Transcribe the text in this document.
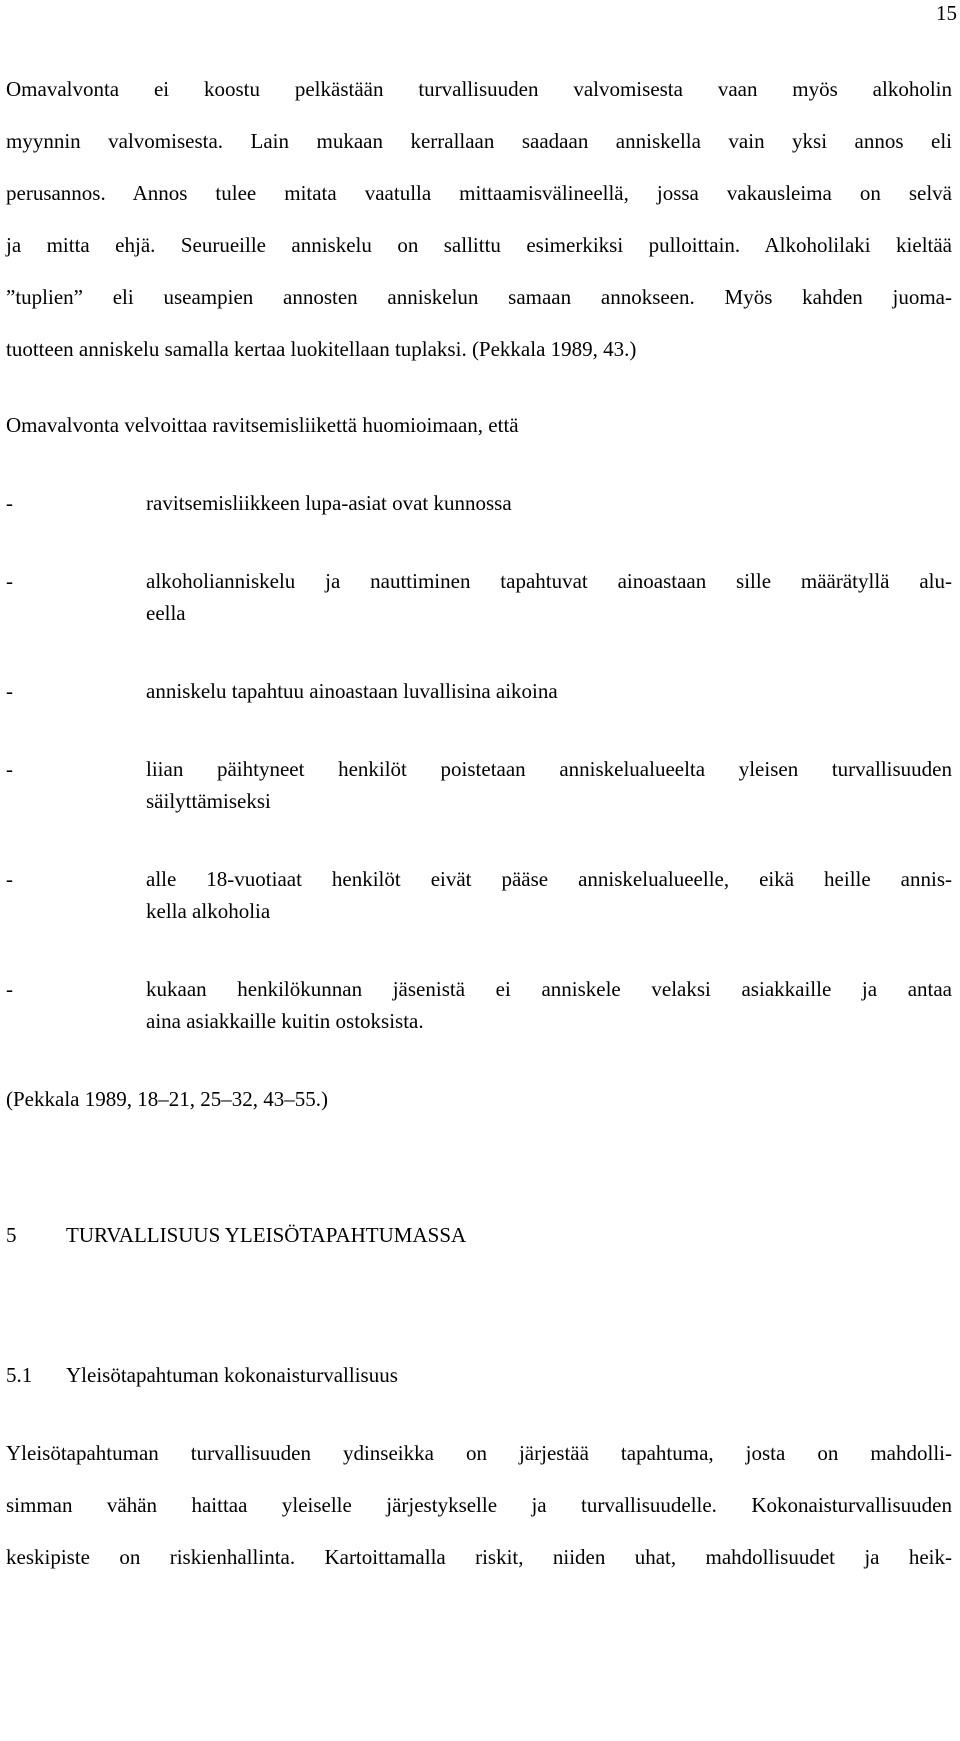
15
Omavalvonta ei koostu pelkästään turvallisuuden valvomisesta vaan myös alkoholin
myynnin valvomisesta. Lain mukaan kerrallaan saadaan anniskella vain yksi annos eli
perusannos. Annos tulee mitata vaatulla mittaamisvälineellä, jossa vakausleima on selvä
ja mitta ehjä. Seurueille anniskelu on sallittu esimerkiksi pulloittain. Alkoholilaki kieltää
”tuplien” eli useampien annosten anniskelun samaan annokseen. Myös kahden juoma-
tuotteen anniskelu samalla kertaa luokitellaan tuplaksi. (Pekkala 1989, 43.)
Omavalvonta velvoittaa ravitsemisliikettä huomioimaan, että
-	ravitsemisliikkeen lupa-asiat ovat kunnossa
-	alkoholianniskelu ja nauttiminen tapahtuvat ainoastaan sille määrätyllä alu-
eella
-	anniskelu tapahtuu ainoastaan luvallisina aikoina
-	liian päihtyneet henkilöt poistetaan anniskelualueelta yleisen turvallisuuden
säilyttämiseksi
-	alle 18-vuotiaat henkilöt eivät pääse anniskelualueelle, eikä heille annis-
kella alkoholia
-	kukaan henkilökunnan jäsenistä ei anniskele velaksi asiakkaille ja antaa
aina asiakkaille kuitin ostoksista.
(Pekkala 1989, 18–21, 25–32, 43–55.)
5 TURVALLISUUS YLEISÖTAPAHTUMASSA
5.1 Yleisötapahtuman kokonaisturvallisuus
Yleisötapahtuman turvallisuuden ydinseikka on järjestää tapahtuma, josta on mahdolli-
simman vähän haittaa yleiselle järjestykselle ja turvallisuudelle. Kokonaisturvallisuuden
keskipiste on riskienhallinta. Kartoittamalla riskit, niiden uhat, mahdollisuudet ja heik-
